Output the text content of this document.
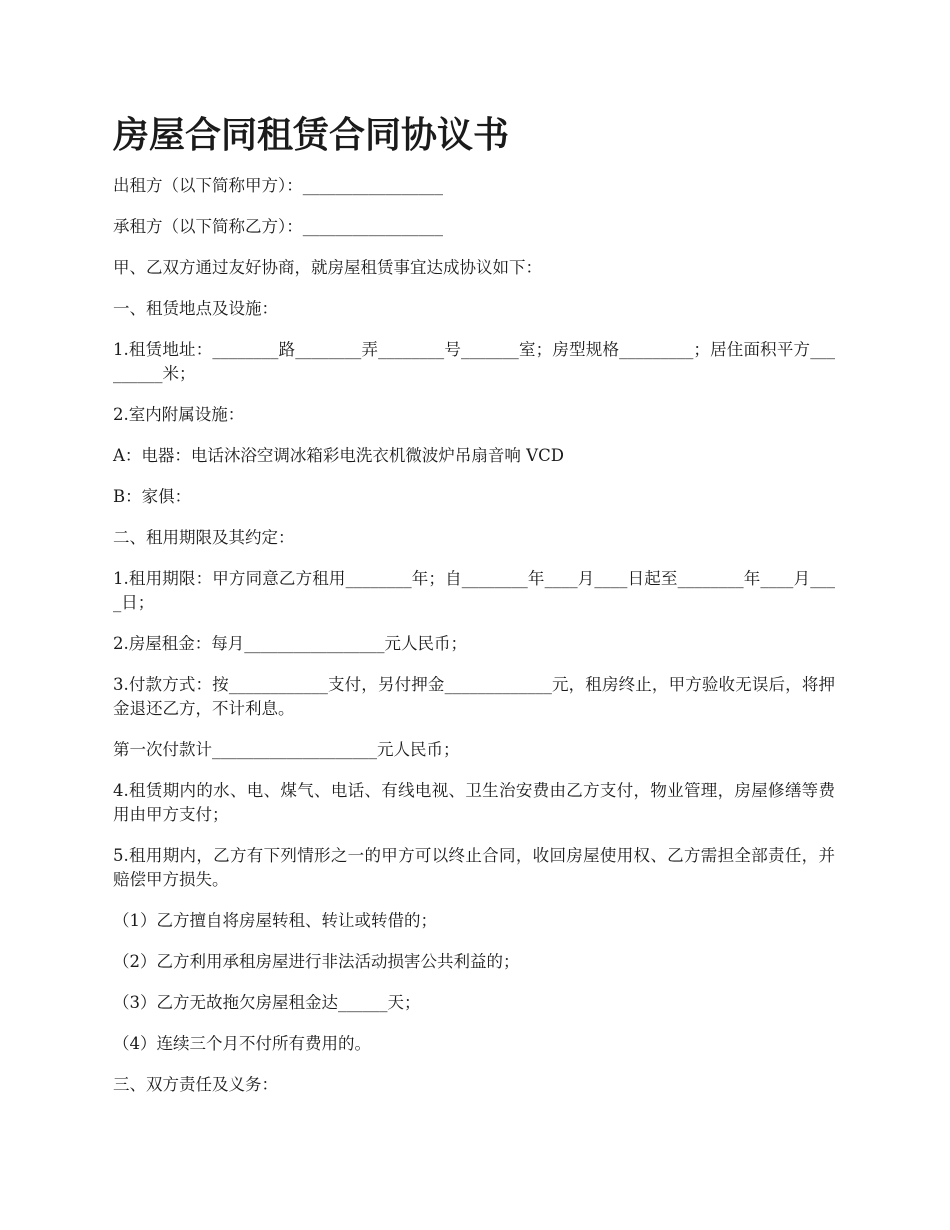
房屋合同租赁合同协议书

出租方（以下简称甲方）：_________________

承租方（以下简称乙方）：_________________

甲、乙双方通过友好协商，就房屋租赁事宜达成协议如下：

一、租赁地点及设施：

1.租赁地址：________路________弄________号_______室；房型规格_________；居住面积平方_________米；

2.室内附属设施：

A：电器：电话沐浴空调冰箱彩电洗衣机微波炉吊扇音响 VCD

B：家俱：

二、租用期限及其约定：

1.租用期限：甲方同意乙方租用________年；自________年____月____日起至________年____月____日；

2.房屋租金：每月_________________元人民币；

3.付款方式：按____________支付，另付押金_____________元，租房终止，甲方验收无误后，将押金退还乙方，不计利息。

第一次付款计____________________元人民币；

4.租赁期内的水、电、煤气、电话、有线电视、卫生治安费由乙方支付，物业管理，房屋修缮等费用由甲方支付；

5.租用期内，乙方有下列情形之一的甲方可以终止合同，收回房屋使用权、乙方需担全部责任，并赔偿甲方损失。

（1）乙方擅自将房屋转租、转让或转借的；

（2）乙方利用承租房屋进行非法活动损害公共利益的；

（3）乙方无故拖欠房屋租金达______天；

（4）连续三个月不付所有费用的。

三、双方责任及义务：
